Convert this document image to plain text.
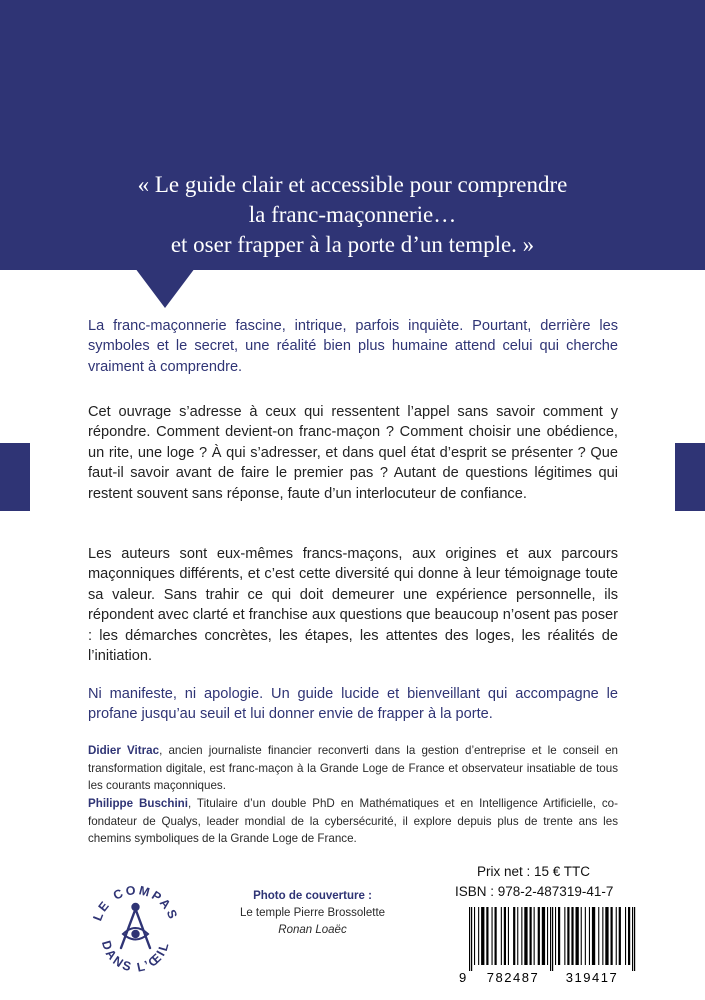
« Le guide clair et accessible pour comprendre
la franc-maçonnerie…
et oser frapper à la porte d’un temple. »

La franc-maçonnerie fascine, intrique, parfois inquiète. Pourtant, derrière les symboles et le secret, une réalité bien plus humaine attend celui qui cherche vraiment à comprendre.

Cet ouvrage s’adresse à ceux qui ressentent l’appel sans savoir comment y répondre. Comment devient-on franc-maçon ? Comment choisir une obédience, un rite, une loge ? À qui s’adresser, et dans quel état d’esprit se présenter ? Que faut-il savoir avant de faire le premier pas ? Autant de questions légitimes qui restent souvent sans réponse, faute d’un interlocuteur de confiance.

Les auteurs sont eux-mêmes francs-maçons, aux origines et aux parcours maçonniques différents, et c’est cette diversité qui donne à leur témoignage toute sa valeur. Sans trahir ce qui doit demeurer une expérience personnelle, ils répondent avec clarté et franchise aux questions que beaucoup n’osent pas poser : les démarches concrètes, les étapes, les attentes des loges, les réalités de l’initiation.

Ni manifeste, ni apologie. Un guide lucide et bienveillant qui accompagne le profane jusqu’au seuil et lui donner envie de frapper à la porte.

Didier Vitrac, ancien journaliste financier reconverti dans la gestion d’entreprise et le conseil en transformation digitale, est franc-maçon à la Grande Loge de France et observateur insatiable de tous les courants maçonniques.

Philippe Buschini, Titulaire d’un double PhD en Mathématiques et en Intelligence Artificielle, co-fondateur de Qualys, leader mondial de la cybersécurité, il explore depuis plus de trente ans les chemins symboliques de la Grande Loge de France.

LE COMPAS
DANS L’ŒIL
Photo de couverture :
Le temple Pierre Brossolette
Ronan Loaëc
Prix net : 15 € TTC
ISBN : 978-2-487319-41-7
9 782487 319417
